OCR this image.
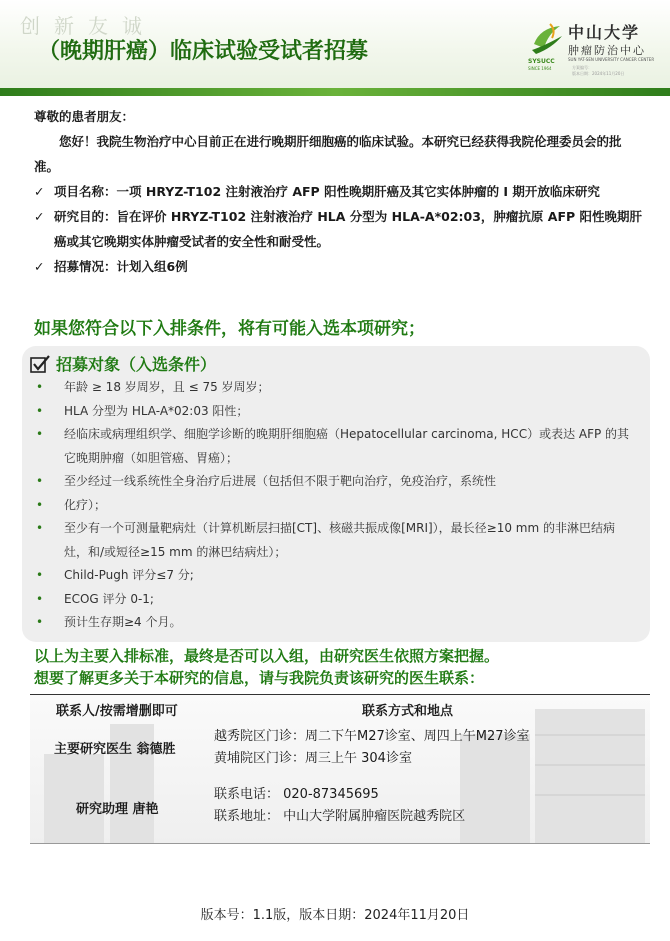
创新友诚
（晚期肝癌）临床试验受试者招募
中山大学
肿瘤防治中心
SUN YAT-SEN UNIVERSITY CANCER CENTER
SYSUCC
SINCE 1964	方案编号：
版本日期：2024年11月20日
尊敬的患者朋友：
您好！我院生物治疗中心目前正在进行晚期肝细胞癌的临床试验。本研究已经获得我院伦理委员会的批准。
✓ 项目名称：一项 HRYZ-T102 注射液治疗 AFP 阳性晚期肝癌及其它实体肿瘤的 I 期开放临床研究
✓ 研究目的：旨在评价 HRYZ-T102 注射液治疗 HLA 分型为 HLA-A*02:03，肿瘤抗原 AFP 阳性晚期肝癌或其它晚期实体肿瘤受试者的安全性和耐受性。
✓ 招募情况：计划入组6例
如果您符合以下入排条件，将有可能入选本项研究；
招募对象（入选条件）
• 年龄 ≥ 18 岁周岁，且 ≤ 75 岁周岁；
• HLA 分型为 HLA-A*02:03 阳性；
• 经临床或病理组织学、细胞学诊断的晚期肝细胞癌（Hepatocellular carcinoma, HCC）或表达 AFP 的其它晚期肿瘤（如胆管癌、胃癌）；
• 至少经过一线系统性全身治疗后进展（包括但不限于靶向治疗，免疫治疗，系统性
• 化疗）；
• 至少有一个可测量靶病灶（计算机断层扫描[CT]、核磁共振成像[MRI]），最长径≥10 mm 的非淋巴结病灶，和/或短径≥15 mm 的淋巴结病灶）；
• Child-Pugh 评分≤7 分;
• ECOG 评分 0-1;
• 预计生存期≥4 个月。
以上为主要入排标准，最终是否可以入组，由研究医生依照方案把握。
想要了解更多关于本研究的信息，请与我院负责该研究的医生联系：
联系人/按需增删即可	联系方式和地点
主要研究医生 翁德胜
越秀院区门诊：周二下午M27诊室、周四上午M27诊室
黄埔院区门诊：周三上午 304诊室
研究助理 唐艳
联系电话： 020-87345695
联系地址： 中山大学附属肿瘤医院越秀院区
版本号：1.1版，版本日期：2024年11月20日
